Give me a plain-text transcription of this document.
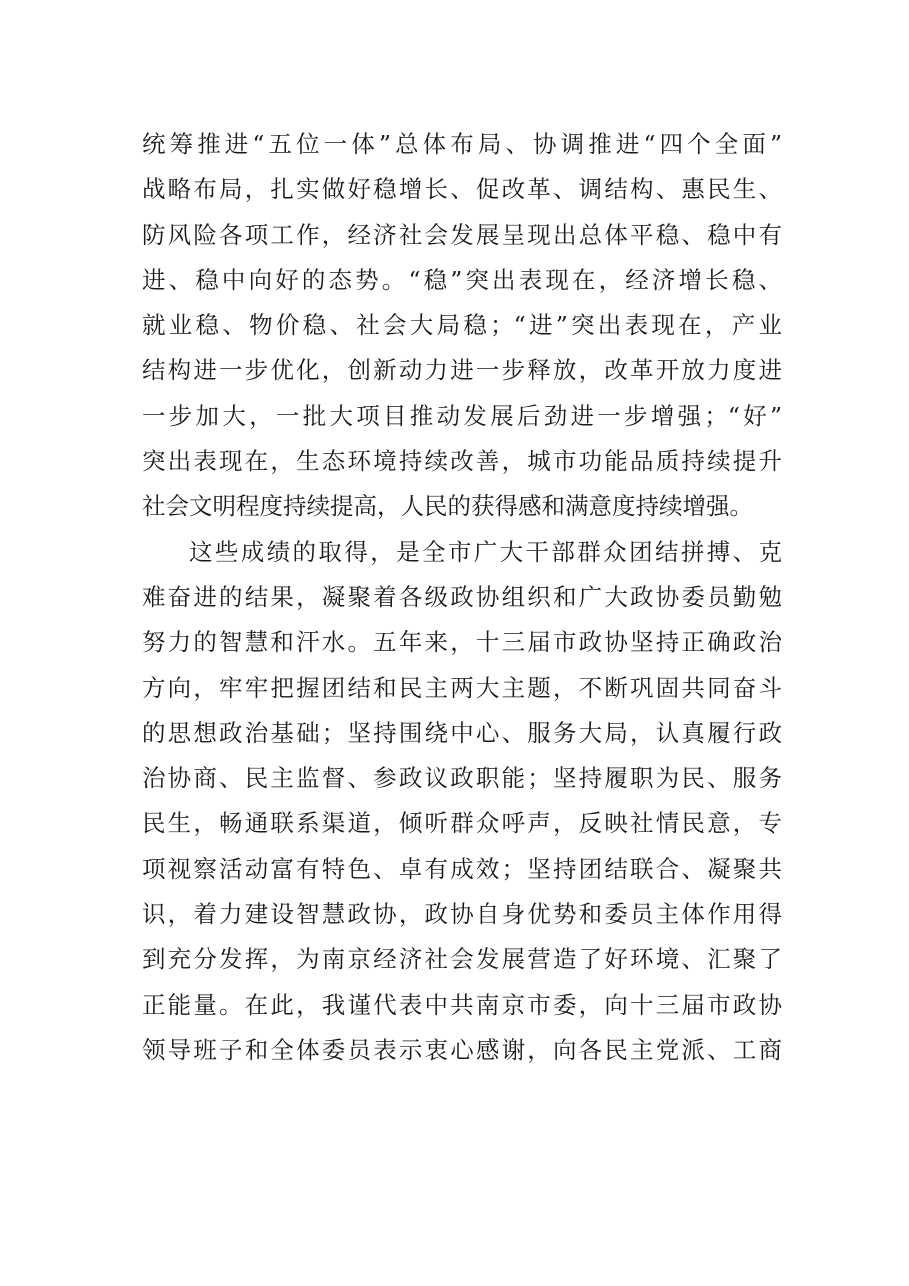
统筹推进“五位一体”总体布局、协调推进“四个全面”
战略布局，扎实做好稳增长、促改革、调结构、惠民生、
防风险各项工作，经济社会发展呈现出总体平稳、稳中有
进、稳中向好的态势。“稳”突出表现在，经济增长稳、
就业稳、物价稳、社会大局稳；“进”突出表现在，产业
结构进一步优化，创新动力进一步释放，改革开放力度进
一步加大，一批大项目推动发展后劲进一步增强；“好”
突出表现在，生态环境持续改善，城市功能品质持续提升
社会文明程度持续提高，人民的获得感和满意度持续增强。
这些成绩的取得，是全市广大干部群众团结拼搏、克
难奋进的结果，凝聚着各级政协组织和广大政协委员勤勉
努力的智慧和汗水。五年来，十三届市政协坚持正确政治
方向，牢牢把握团结和民主两大主题，不断巩固共同奋斗
的思想政治基础；坚持围绕中心、服务大局，认真履行政
治协商、民主监督、参政议政职能；坚持履职为民、服务
民生，畅通联系渠道，倾听群众呼声，反映社情民意，专
项视察活动富有特色、卓有成效；坚持团结联合、凝聚共
识，着力建设智慧政协，政协自身优势和委员主体作用得
到充分发挥，为南京经济社会发展营造了好环境、汇聚了
正能量。在此，我谨代表中共南京市委，向十三届市政协
领导班子和全体委员表示衷心感谢，向各民主党派、工商
